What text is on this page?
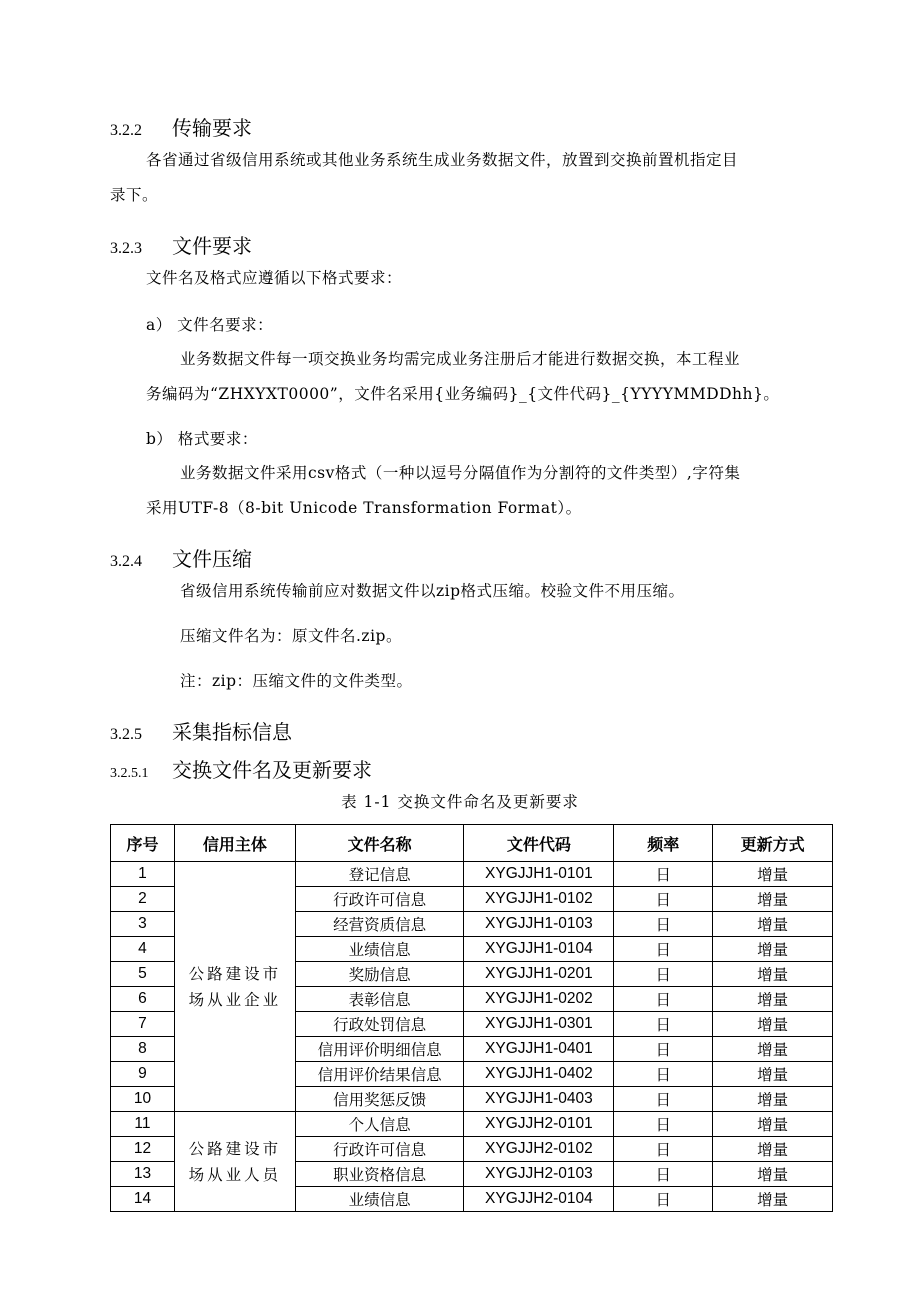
3.2.2	传输要求
各省通过省级信用系统或其他业务系统生成业务数据文件，放置到交换前置机指定目
录下。
3.2.3	文件要求
文件名及格式应遵循以下格式要求：
a） 文件名要求：
业务数据文件每一项交换业务均需完成业务注册后才能进行数据交换，本工程业
务编码为“ZHXYXT0000”，文件名采用{业务编码}_{文件代码}_{YYYYMMDDhh}。
b） 格式要求：
业务数据文件采用csv格式（一种以逗号分隔值作为分割符的文件类型）,字符集
采用UTF-8（8-bit Unicode Transformation Format）。
3.2.4	文件压缩
省级信用系统传输前应对数据文件以zip格式压缩。校验文件不用压缩。
压缩文件名为：原文件名.zip。
注：zip：压缩文件的文件类型。
3.2.5	采集指标信息
3.2.5.1	交换文件名及更新要求
表 1-1 交换文件命名及更新要求
序号	信用主体	文件名称	文件代码	频率	更新方式
1	公路建设市场从业企业	登记信息	XYGJJH1-0101	日	增量
2		行政许可信息	XYGJJH1-0102	日	增量
3		经营资质信息	XYGJJH1-0103	日	增量
4		业绩信息	XYGJJH1-0104	日	增量
5		奖励信息	XYGJJH1-0201	日	增量
6		表彰信息	XYGJJH1-0202	日	增量
7		行政处罚信息	XYGJJH1-0301	日	增量
8		信用评价明细信息	XYGJJH1-0401	日	增量
9		信用评价结果信息	XYGJJH1-0402	日	增量
10		信用奖惩反馈	XYGJJH1-0403	日	增量
11	公路建设市场从业人员	个人信息	XYGJJH2-0101	日	增量
12		行政许可信息	XYGJJH2-0102	日	增量
13		职业资格信息	XYGJJH2-0103	日	增量
14		业绩信息	XYGJJH2-0104	日	增量
